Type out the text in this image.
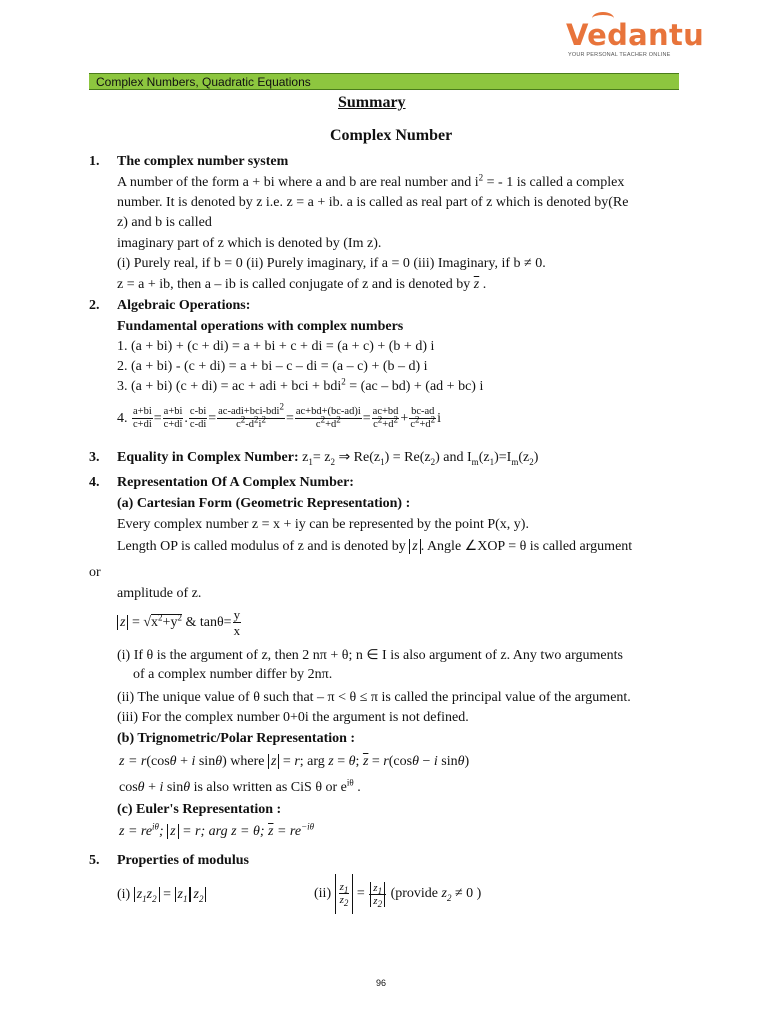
Vedantu
YOUR PERSONAL TEACHER ONLINE
Complex Numbers, Quadratic Equations
Summary
Complex Number
1. The complex number system
A number of the form a + bi where a and b are real number and $i^2$ = - 1 is called a complex
number. It is denoted by z i.e. z = a + ib. a is called as real part of z which is denoted by(Re
z) and b is called
imaginary part of z which is denoted by (Im z).
(i) Purely real, if b = 0 (ii) Purely imaginary, if a = 0 (iii) Imaginary, if b ≠ 0.
z = a + ib, then a – ib is called conjugate of z and is denoted by $\overline{z}$ .
2. Algebraic Operations:
Fundamental operations with complex numbers
1. (a + bi) + (c + di) = a + bi + c + di = (a + c) + (b + d) i
2. (a + bi) - (c + di) = a + bi – c – di = (a – c) + (b – d) i
3. (a + bi) (c + di) = ac + adi + bci + bdi$^2$ = (ac – bd) + (ad + bc) i
4. $\frac{a+bi}{c+di} = \frac{a+bi}{c+di}$ . $\frac{c-bi}{c-di} = \frac{ac-adi+bci-bdi^2}{c^2-d^2i^2} = \frac{ac+bd+(bc-ad)i}{c^2+d^2} = \frac{ac+bd}{c^2+d^2} + \frac{bc-ad}{c^2+d^2}$ i
3. Equality in Complex Number: $z_1= z_2$ ⇒ $Re(z_1) = Re(z_2)$ and $I_m(z_1)=I_m(z_2)$
4. Representation Of A Complex Number:
(a) Cartesian Form (Geometric Representation) :
Every complex number z = x + iy can be represented by the point P(x, y).
Length OP is called modulus of z and is denoted by z . Angle ∠XOP = θ is called argument
or
amplitude of z.
$z = √x^2+y^2$ & $\tan\theta= \frac{y}{x}$
(i) If θ is the argument of z, then 2 nπ + θ; n ∈ I is also argument of z. Any two arguments
of a complex number differ by 2nπ.
(ii) The unique value of θ such that – π < θ ≤ π is called the principal value of the argument.
(iii) For the complex number 0+0i the argument is not defined.
(b) Trignometric/Polar Representation :
z = r(cosθ + i sinθ) where z = r; arg z = θ; $\overline{z} = r(\cos\theta - i$ sinθ)
cosθ + i sinθ is also written as CiS θ or $e^{i\theta}$ .
(c) Euler's Representation :
$z = re^{i\theta}$; z = r; arg z = θ; $\overline{z} = re^{-i\theta}$
5. Properties of modulus
(i) $z_1z_2 = z_1$ $z_2$	$(ii) \frac{z_1}{z_2} = \frac{z_1}{z_2}$ (provide $z_2 \ne 0$ )
96
